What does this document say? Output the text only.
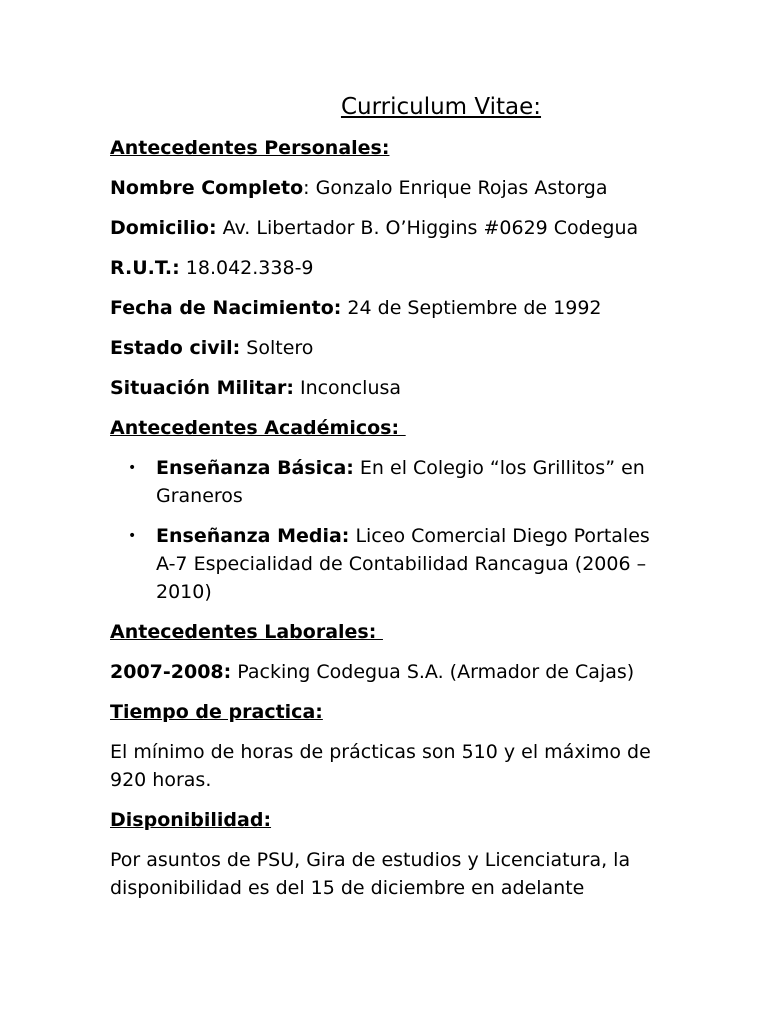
Curriculum Vitae:
Antecedentes Personales:

Nombre Completo: Gonzalo Enrique Rojas Astorga

Domicilio: Av. Libertador B. O’Higgins #0629 Codegua

R.U.T.: 18.042.338-9

Fecha de Nacimiento: 24 de Septiembre de 1992

Estado civil: Soltero

Situación Militar: Inconclusa

Antecedentes Académicos:
• Enseñanza Básica: En el Colegio “los Grillitos” en Graneros
• Enseñanza Media: Liceo Comercial Diego Portales A-7 Especialidad de Contabilidad Rancagua (2006 – 2010)
Antecedentes Laborales:

2007-2008: Packing Codegua S.A. (Armador de Cajas)

Tiempo de practica:

El mínimo de horas de prácticas son 510 y el máximo de 920 horas.

Disponibilidad:

Por asuntos de PSU, Gira de estudios y Licenciatura, la disponibilidad es del 15 de diciembre en adelante
